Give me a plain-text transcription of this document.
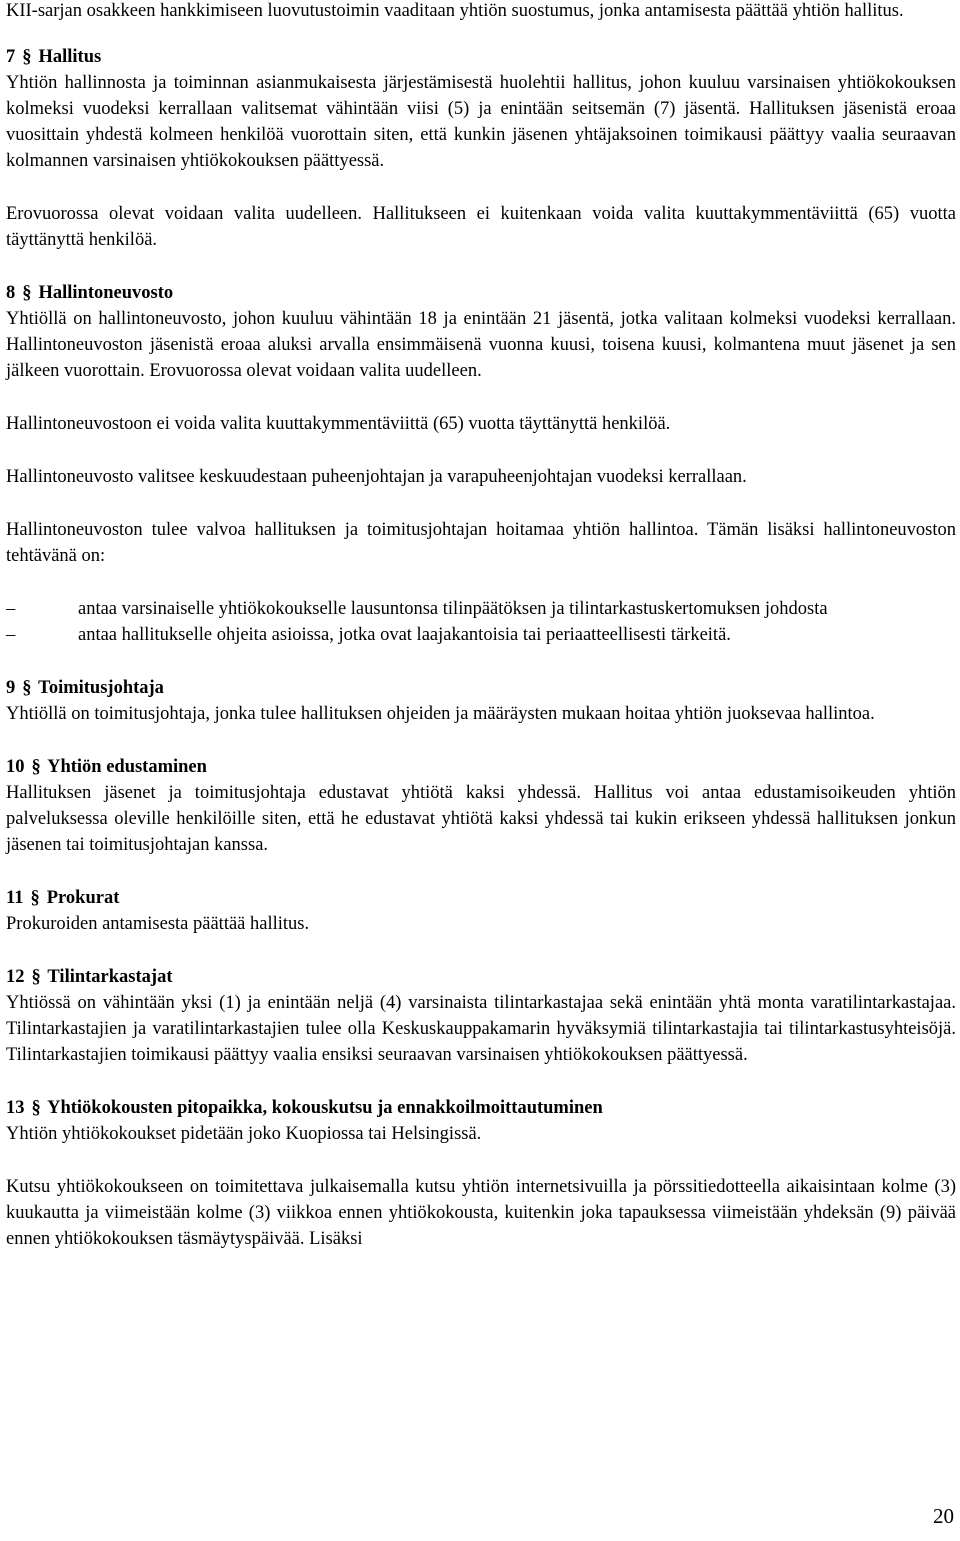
KII-sarjan osakkeen hankkimiseen luovutustoimin vaaditaan yhtiön suostumus, jonka antamisesta päättää yhtiön hallitus.

7 § Hallitus

Yhtiön hallinnosta ja toiminnan asianmukaisesta järjestämisestä huolehtii hallitus, johon kuuluu varsinaisen yhtiökokouksen kolmeksi vuodeksi kerrallaan valitsemat vähintään viisi (5) ja enintään seitsemän (7) jäsentä. Hallituksen jäsenistä eroaa vuosittain yhdestä kolmeen henkilöä vuorottain siten, että kunkin jäsenen yhtäjaksoinen toimikausi päättyy vaalia seuraavan kolmannen varsinaisen yhtiökokouksen päättyessä.

Erovuorossa olevat voidaan valita uudelleen. Hallitukseen ei kuitenkaan voida valita kuuttakymmentäviittä (65) vuotta täyttänyttä henkilöä.

8 § Hallintoneuvosto

Yhtiöllä on hallintoneuvosto, johon kuuluu vähintään 18 ja enintään 21 jäsentä, jotka valitaan kolmeksi vuodeksi kerrallaan. Hallintoneuvoston jäsenistä eroaa aluksi arvalla ensimmäisenä vuonna kuusi, toisena kuusi, kolmantena muut jäsenet ja sen jälkeen vuorottain. Erovuorossa olevat voidaan valita uudelleen.

Hallintoneuvostoon ei voida valita kuuttakymmentäviittä (65) vuotta täyttänyttä henkilöä.

Hallintoneuvosto valitsee keskuudestaan puheenjohtajan ja varapuheenjohtajan vuodeksi kerrallaan.

Hallintoneuvoston tulee valvoa hallituksen ja toimitusjohtajan hoitamaa yhtiön hallintoa. Tämän lisäksi hallintoneuvoston tehtävänä on:

–	antaa varsinaiselle yhtiökokoukselle lausuntonsa tilinpäätöksen ja tilintarkastuskertomuksen johdosta
–	antaa hallitukselle ohjeita asioissa, jotka ovat laajakantoisia tai periaatteellisesti tärkeitä.
9 § Toimitusjohtaja

Yhtiöllä on toimitusjohtaja, jonka tulee hallituksen ohjeiden ja määräysten mukaan hoitaa yhtiön juoksevaa hallintoa.

10 § Yhtiön edustaminen

Hallituksen jäsenet ja toimitusjohtaja edustavat yhtiötä kaksi yhdessä. Hallitus voi antaa edustamisoikeuden yhtiön palveluksessa oleville henkilöille siten, että he edustavat yhtiötä kaksi yhdessä tai kukin erikseen yhdessä hallituksen jonkun jäsenen tai toimitusjohtajan kanssa.

11 § Prokurat

Prokuroiden antamisesta päättää hallitus.

12 § Tilintarkastajat

Yhtiössä on vähintään yksi (1) ja enintään neljä (4) varsinaista tilintarkastajaa sekä enintään yhtä monta varatilintarkastajaa. Tilintarkastajien ja varatilintarkastajien tulee olla Keskuskauppakamarin hyväksymiä tilintarkastajia tai tilintarkastusyhteisöjä. Tilintarkastajien toimikausi päättyy vaalia ensiksi seuraavan varsinaisen yhtiökokouksen päättyessä.

13 § Yhtiökokousten pitopaikka, kokouskutsu ja ennakkoilmoittautuminen

Yhtiön yhtiökokoukset pidetään joko Kuopiossa tai Helsingissä.

Kutsu yhtiökokoukseen on toimitettava julkaisemalla kutsu yhtiön internetsivuilla ja pörssitiedotteella aikaisintaan kolme (3) kuukautta ja viimeistään kolme (3) viikkoa ennen yhtiökokousta, kuitenkin joka tapauksessa viimeistään yhdeksän (9) päivää ennen yhtiökokouksen täsmäytyspäivää. Lisäksi

20
